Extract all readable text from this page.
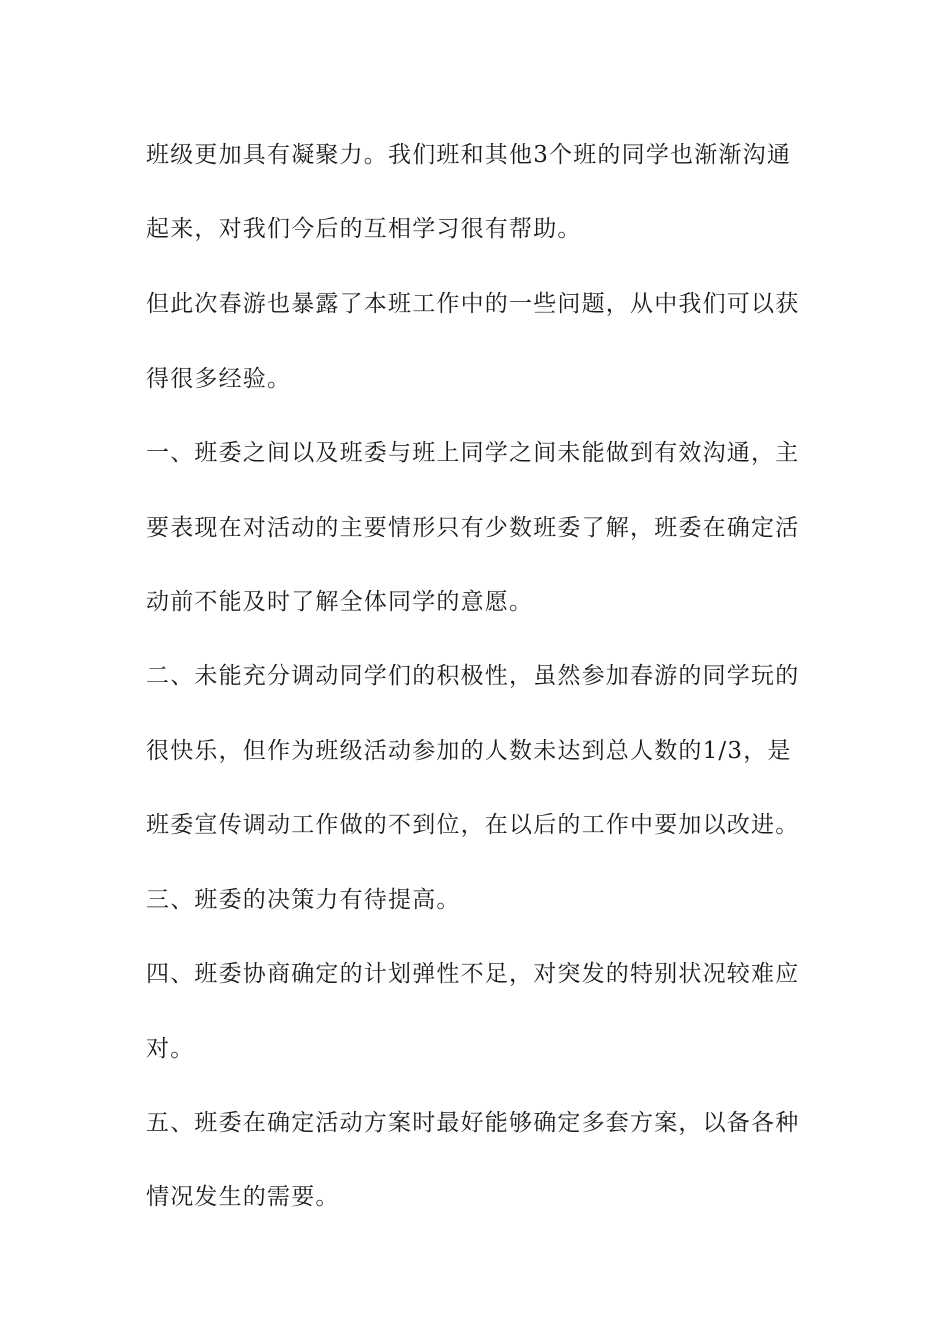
班级更加具有凝聚力。我们班和其他3个班的同学也渐渐沟通
起来，对我们今后的互相学习很有帮助。
但此次春游也暴露了本班工作中的一些问题，从中我们可以获
得很多经验。
一、班委之间以及班委与班上同学之间未能做到有效沟通，主
要表现在对活动的主要情形只有少数班委了解，班委在确定活
动前不能及时了解全体同学的意愿。
二、未能充分调动同学们的积极性，虽然参加春游的同学玩的
很快乐，但作为班级活动参加的人数未达到总人数的1/3，是
班委宣传调动工作做的不到位，在以后的工作中要加以改进。
三、班委的决策力有待提高。
四、班委协商确定的计划弹性不足，对突发的特别状况较难应
对。
五、班委在确定活动方案时最好能够确定多套方案，以备各种
情况发生的需要。
